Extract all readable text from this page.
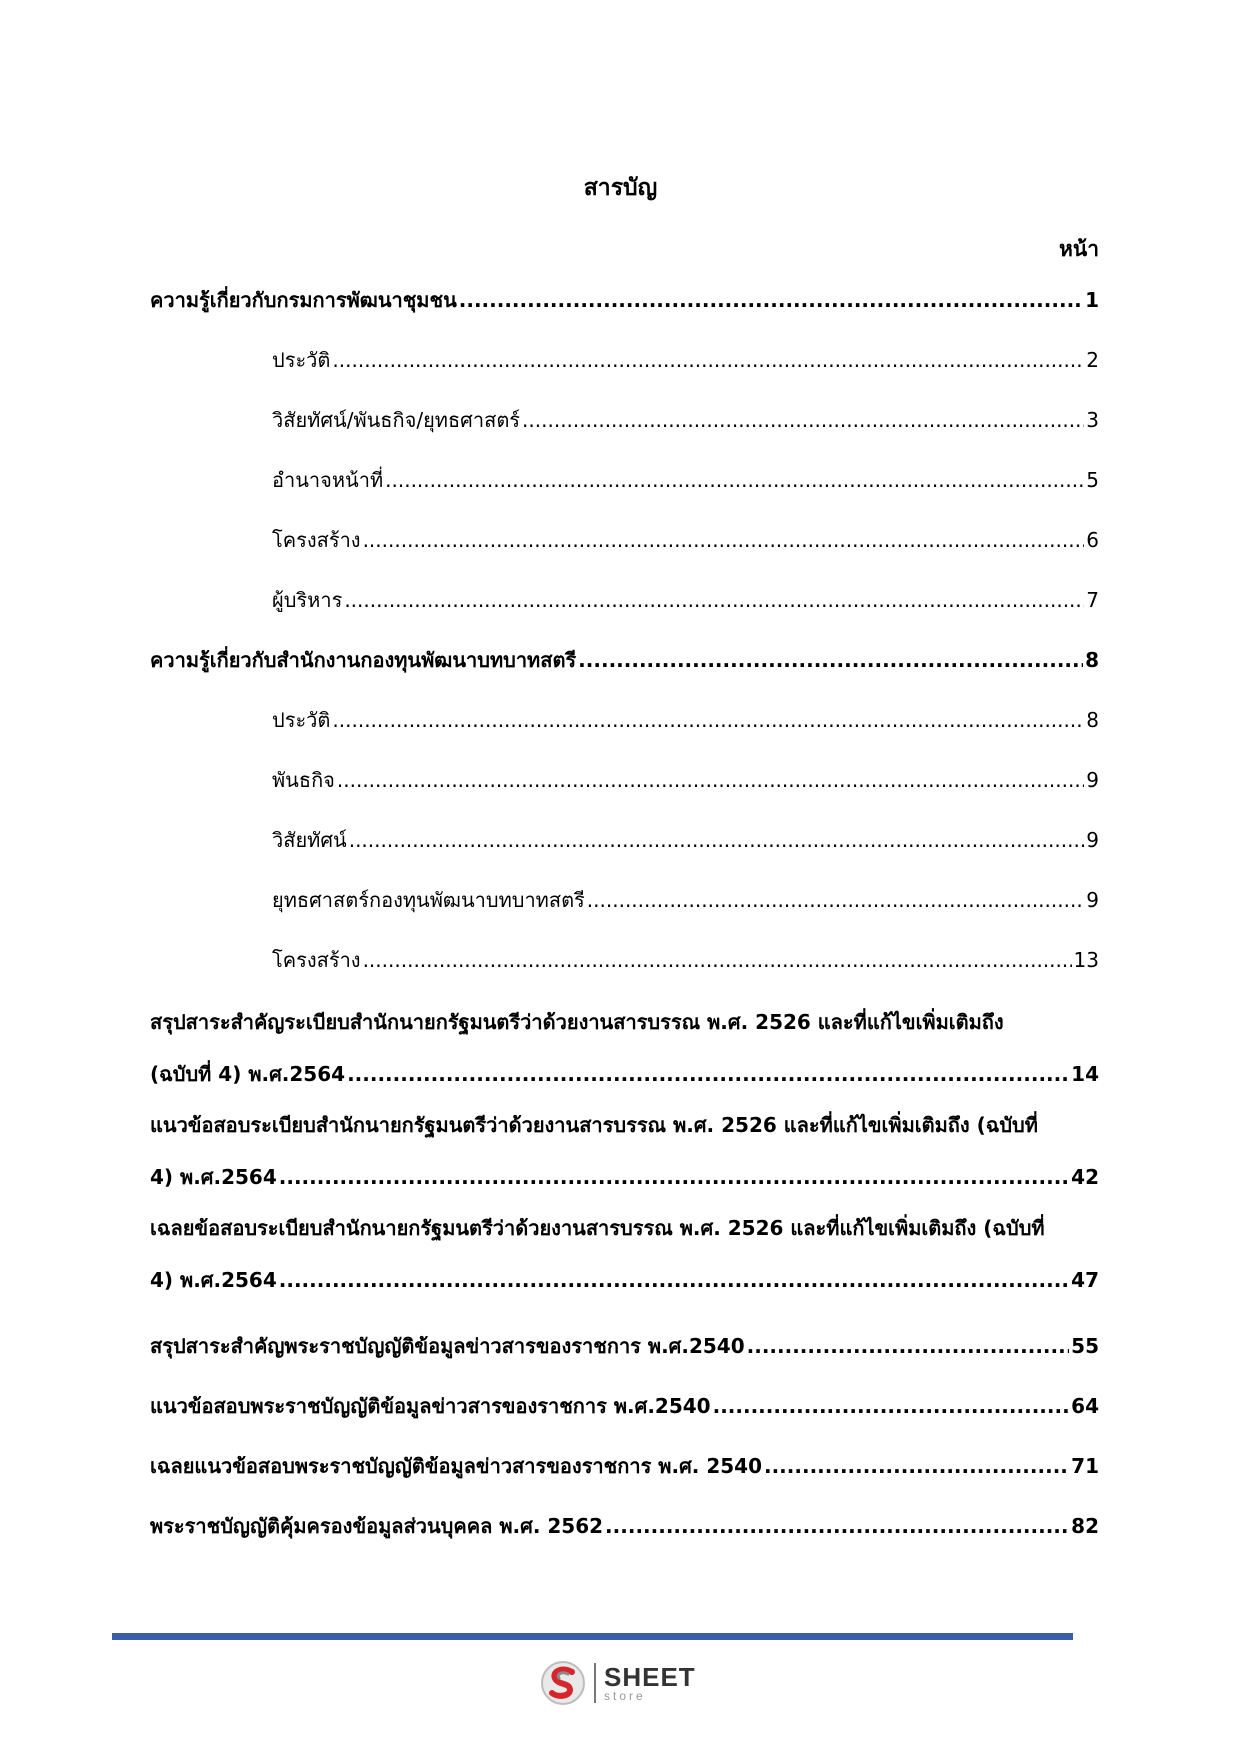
สารบัญ
หน้า
ความรู้เกี่ยวกับกรมการพัฒนาชุมชน .....	1
ประวัติ .....	2
วิสัยทัศน์/พันธกิจ/ยุทธศาสตร์ .....	3
อำนาจหน้าที่ .....	5
โครงสร้าง .....	6
ผู้บริหาร .....	7
ความรู้เกี่ยวกับสำนักงานกองทุนพัฒนาบทบาทสตรี .....	8
ประวัติ .....	8
พันธกิจ .....	9
วิสัยทัศน์ .....	9
ยุทธศาสตร์กองทุนพัฒนาบทบาทสตรี .....	9
โครงสร้าง .....	13
สรุปสาระสำคัญระเบียบสำนักนายกรัฐมนตรีว่าด้วยงานสารบรรณ พ.ศ. 2526 และที่แก้ไขเพิ่มเติมถึง
(ฉบับที่ 4) พ.ศ.2564 .....	14
แนวข้อสอบระเบียบสำนักนายกรัฐมนตรีว่าด้วยงานสารบรรณ พ.ศ. 2526 และที่แก้ไขเพิ่มเติมถึง (ฉบับที่
4) พ.ศ.2564 .....	42
เฉลยข้อสอบระเบียบสำนักนายกรัฐมนตรีว่าด้วยงานสารบรรณ พ.ศ. 2526 และที่แก้ไขเพิ่มเติมถึง (ฉบับที่
4) พ.ศ.2564 .....	47
สรุปสาระสำคัญพระราชบัญญัติข้อมูลข่าวสารของราชการ พ.ศ.2540 .....	55
แนวข้อสอบพระราชบัญญัติข้อมูลข่าวสารของราชการ พ.ศ.2540 .....	64
เฉลยแนวข้อสอบพระราชบัญญัติข้อมูลข่าวสารของราชการ พ.ศ. 2540 .....	71
พระราชบัญญัติคุ้มครองข้อมูลส่วนบุคคล พ.ศ. 2562 .....	82
SHEET
store
